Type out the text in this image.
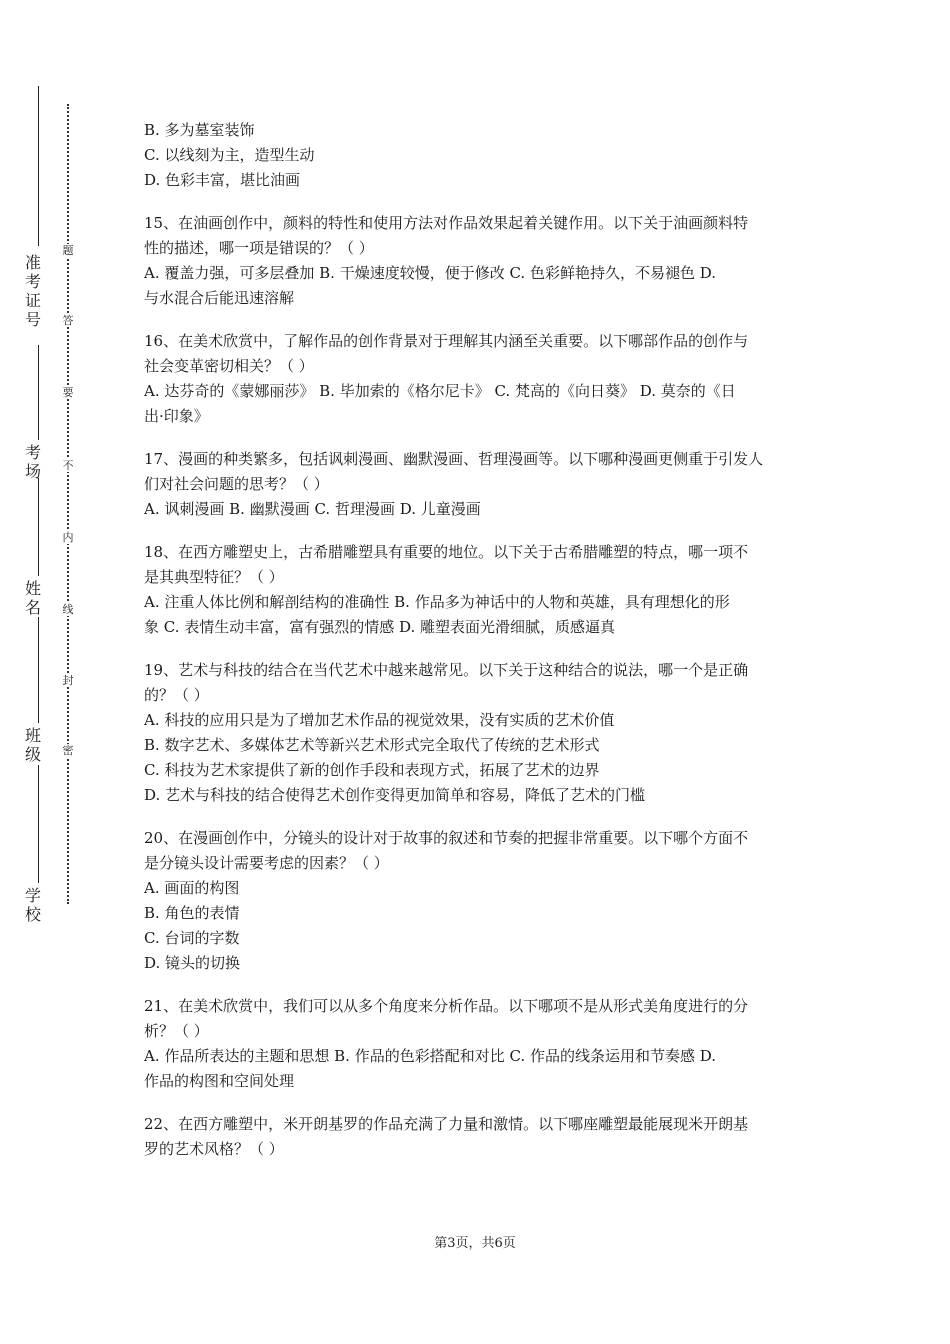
准考证号
考场
姓名
班级
学校
题
答
要
不
内
线
封
密
B. 多为墓室装饰
C. 以线刻为主，造型生动
D. 色彩丰富，堪比油画
15、在油画创作中，颜料的特性和使用方法对作品效果起着关键作用。以下关于油画颜料特
性的描述，哪一项是错误的？（ ）
A. 覆盖力强，可多层叠加 B. 干燥速度较慢，便于修改 C. 色彩鲜艳持久，不易褪色 D.
与水混合后能迅速溶解
16、在美术欣赏中，了解作品的创作背景对于理解其内涵至关重要。以下哪部作品的创作与
社会变革密切相关？（ ）
A. 达芬奇的《蒙娜丽莎》 B. 毕加索的《格尔尼卡》 C. 梵高的《向日葵》 D. 莫奈的《日
出·印象》
17、漫画的种类繁多，包括讽刺漫画、幽默漫画、哲理漫画等。以下哪种漫画更侧重于引发人
们对社会问题的思考？（ ）
A. 讽刺漫画 B. 幽默漫画 C. 哲理漫画 D. 儿童漫画
18、在西方雕塑史上，古希腊雕塑具有重要的地位。以下关于古希腊雕塑的特点，哪一项不
是其典型特征？（ ）
A. 注重人体比例和解剖结构的准确性 B. 作品多为神话中的人物和英雄，具有理想化的形
象 C. 表情生动丰富，富有强烈的情感 D. 雕塑表面光滑细腻，质感逼真
19、艺术与科技的结合在当代艺术中越来越常见。以下关于这种结合的说法，哪一个是正确
的？（ ）
A. 科技的应用只是为了增加艺术作品的视觉效果，没有实质的艺术价值
B. 数字艺术、多媒体艺术等新兴艺术形式完全取代了传统的艺术形式
C. 科技为艺术家提供了新的创作手段和表现方式，拓展了艺术的边界
D. 艺术与科技的结合使得艺术创作变得更加简单和容易，降低了艺术的门槛
20、在漫画创作中，分镜头的设计对于故事的叙述和节奏的把握非常重要。以下哪个方面不
是分镜头设计需要考虑的因素？（ ）
A. 画面的构图
B. 角色的表情
C. 台词的字数
D. 镜头的切换
21、在美术欣赏中，我们可以从多个角度来分析作品。以下哪项不是从形式美角度进行的分
析？（ ）
A. 作品所表达的主题和思想 B. 作品的色彩搭配和对比 C. 作品的线条运用和节奏感 D.
作品的构图和空间处理
22、在西方雕塑中，米开朗基罗的作品充满了力量和激情。以下哪座雕塑最能展现米开朗基
罗的艺术风格？（ ）
第3页，共6页
